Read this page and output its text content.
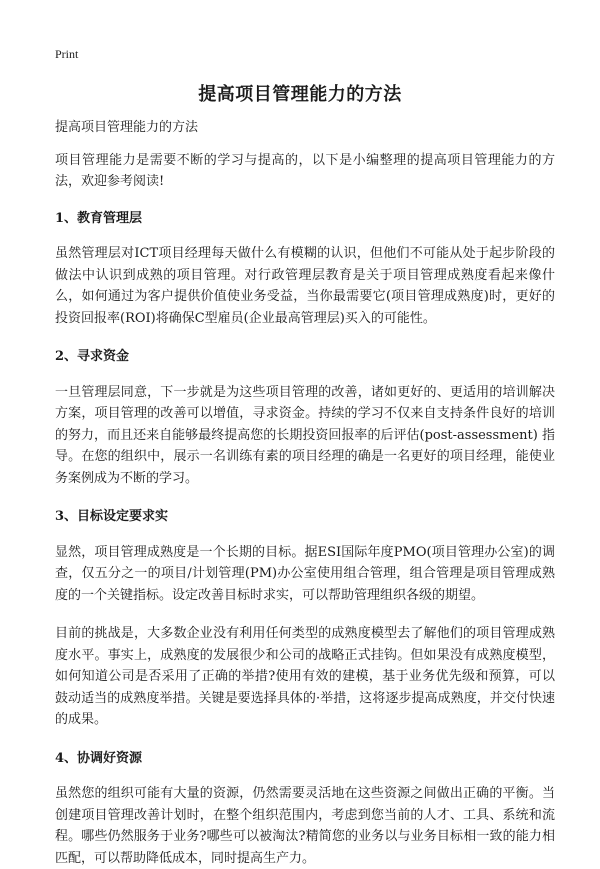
Print
提高项目管理能力的方法

提高项目管理能力的方法

项目管理能力是需要不断的学习与提高的，以下是小编整理的提高项目管理能力的方法，欢迎参考阅读!

1、教育管理层

虽然管理层对ICT项目经理每天做什么有模糊的认识，但他们不可能从处于起步阶段的做法中认识到成熟的项目管理。对行政管理层教育是关于项目管理成熟度看起来像什么，如何通过为客户提供价值使业务受益，当你最需要它(项目管理成熟度)时，更好的投资回报率(ROI)将确保C型雇员(企业最高管理层)买入的可能性。

2、寻求资金

一旦管理层同意，下一步就是为这些项目管理的改善，诸如更好的、更适用的培训解决方案，项目管理的改善可以增值，寻求资金。持续的学习不仅来自支持条件良好的培训的努力，而且还来自能够最终提高您的长期投资回报率的后评估(post-assessment) 指导。在您的组织中，展示一名训练有素的项目经理的确是一名更好的项目经理，能使业务案例成为不断的学习。

3、目标设定要求实

显然，项目管理成熟度是一个长期的目标。据ESI国际年度PMO(项目管理办公室)的调查，仅五分之一的项目/计划管理(PM)办公室使用组合管理，组合管理是项目管理成熟度的一个关键指标。设定改善目标时求实，可以帮助管理组织各级的期望。

目前的挑战是，大多数企业没有利用任何类型的成熟度模型去了解他们的项目管理成熟度水平。事实上，成熟度的发展很少和公司的战略正式挂钩。但如果没有成熟度模型，如何知道公司是否采用了正确的举措?使用有效的建模，基于业务优先级和预算，可以鼓动适当的成熟度举措。关键是要选择具体的·举措，这将逐步提高成熟度，并交付快速的成果。

4、协调好资源

虽然您的组织可能有大量的资源，仍然需要灵活地在这些资源之间做出正确的平衡。当创建项目管理改善计划时，在整个组织范围内，考虑到您当前的人才、工具、系统和流程。哪些仍然服务于业务?哪些可以被淘汰?精简您的业务以与业务目标相一致的能力相匹配，可以帮助降低成本，同时提高生产力。
